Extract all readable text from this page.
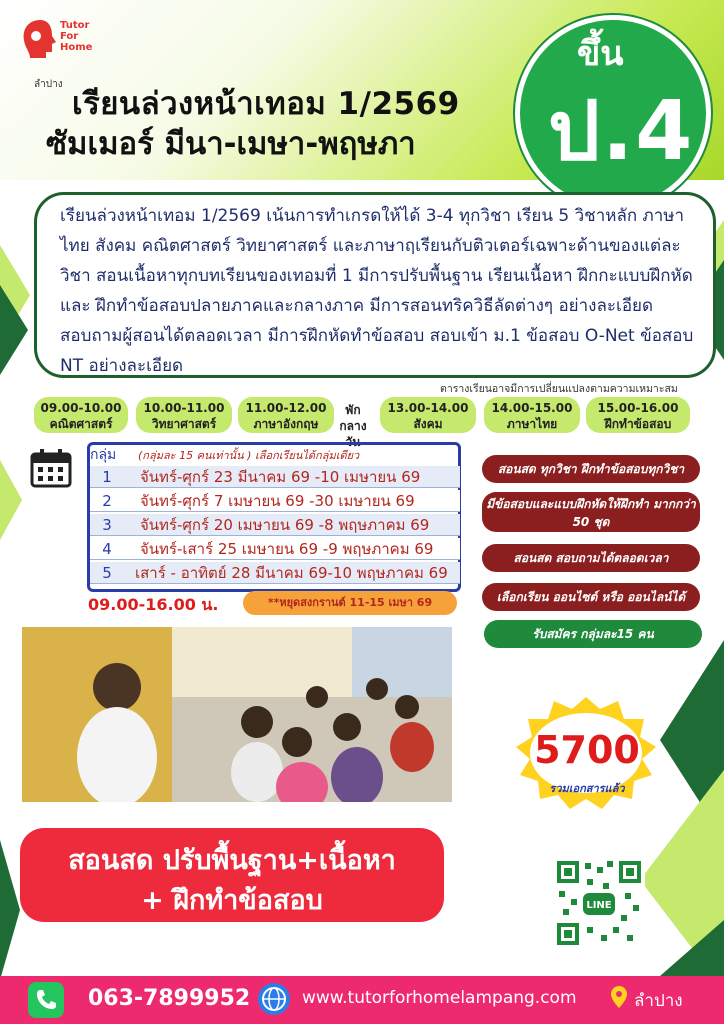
Tutor
For
Home
ลำปาง
เรียนล่วงหน้าเทอม 1/2569
ซัมเมอร์ มีนา-เมษา-พฤษภา
ขึ้น
ป.4
เรียนล่วงหน้าเทอม 1/2569 เน้นการทำเกรดให้ได้ 3-4 ทุกวิชา เรียน 5 วิชาหลัก ภาษาไทย สังคม คณิตศาสตร์ วิทยาศาสตร์ และภาษาฤเรียนกับติวเตอร์เฉพาะด้านของแต่ละวิชา สอนเนื้อหาทุกบทเรียนของเทอมที่ 1 มีการปรับพื้นฐาน เรียนเนื้อหา ฝึกกะแบบฝึกหัด และ ฝึกทำข้อสอบปลายภาคและกลางภาค มีการสอนทริควิธีลัดต่างๆ อย่างละเอียด สอบถามผู้สอนได้ตลอดเวลา มีการฝึกหัดทำข้อสอบ สอบเข้า ม.1 ข้อสอบ O-Net ข้อสอบ NT อย่างละเอียด
ตารางเรียนอาจมีการเปลี่ยนแปลงตามความเหมาะสม
09.00-10.00
คณิตศาสตร์
10.00-11.00
วิทยาศาสตร์
11.00-12.00
ภาษาอังกฤษ
พัก
กลางวัน
13.00-14.00
สังคม
14.00-15.00
ภาษาไทย
15.00-16.00
ฝึกทำข้อสอบ
กลุ่ม (กลุ่มละ 15 คนเท่านั้น ) เลือกเรียนได้กลุ่มเดียว
1	จันทร์-ศุกร์ 23 มีนาคม 69 -10 เมษายน 69
2	จันทร์-ศุกร์ 7 เมษายน 69 -30 เมษายน 69
3	จันทร์-ศุกร์ 20 เมษายน 69 -8 พฤษภาคม 69
4	จันทร์-เสาร์ 25 เมษายน 69 -9 พฤษภาคม 69
5	เสาร์ - อาทิตย์ 28 มีนาคม 69-10 พฤษภาคม 69
09.00-16.00 น.	**หยุดสงกรานต์ 11-15 เมษา 69
สอนสด ทุกวิชา ฝึกทำข้อสอบทุกวิชา
มีข้อสอบและแบบฝึกหัดให้ฝึกทำ มากกว่า 50 ชุด
สอนสด สอบถามได้ตลอดเวลา
เลือกเรียน ออนไซต์ หรือ ออนไลน์ได้
รับสมัคร กลุ่มละ15 คน
5700
รวมเอกสารแล้ว
สอนสด ปรับพื้นฐาน+เนื้อหา
+ ฝึกทำข้อสอบ	LINE
063-7899952	www.tutorforhomelampang.com	ลำปาง
